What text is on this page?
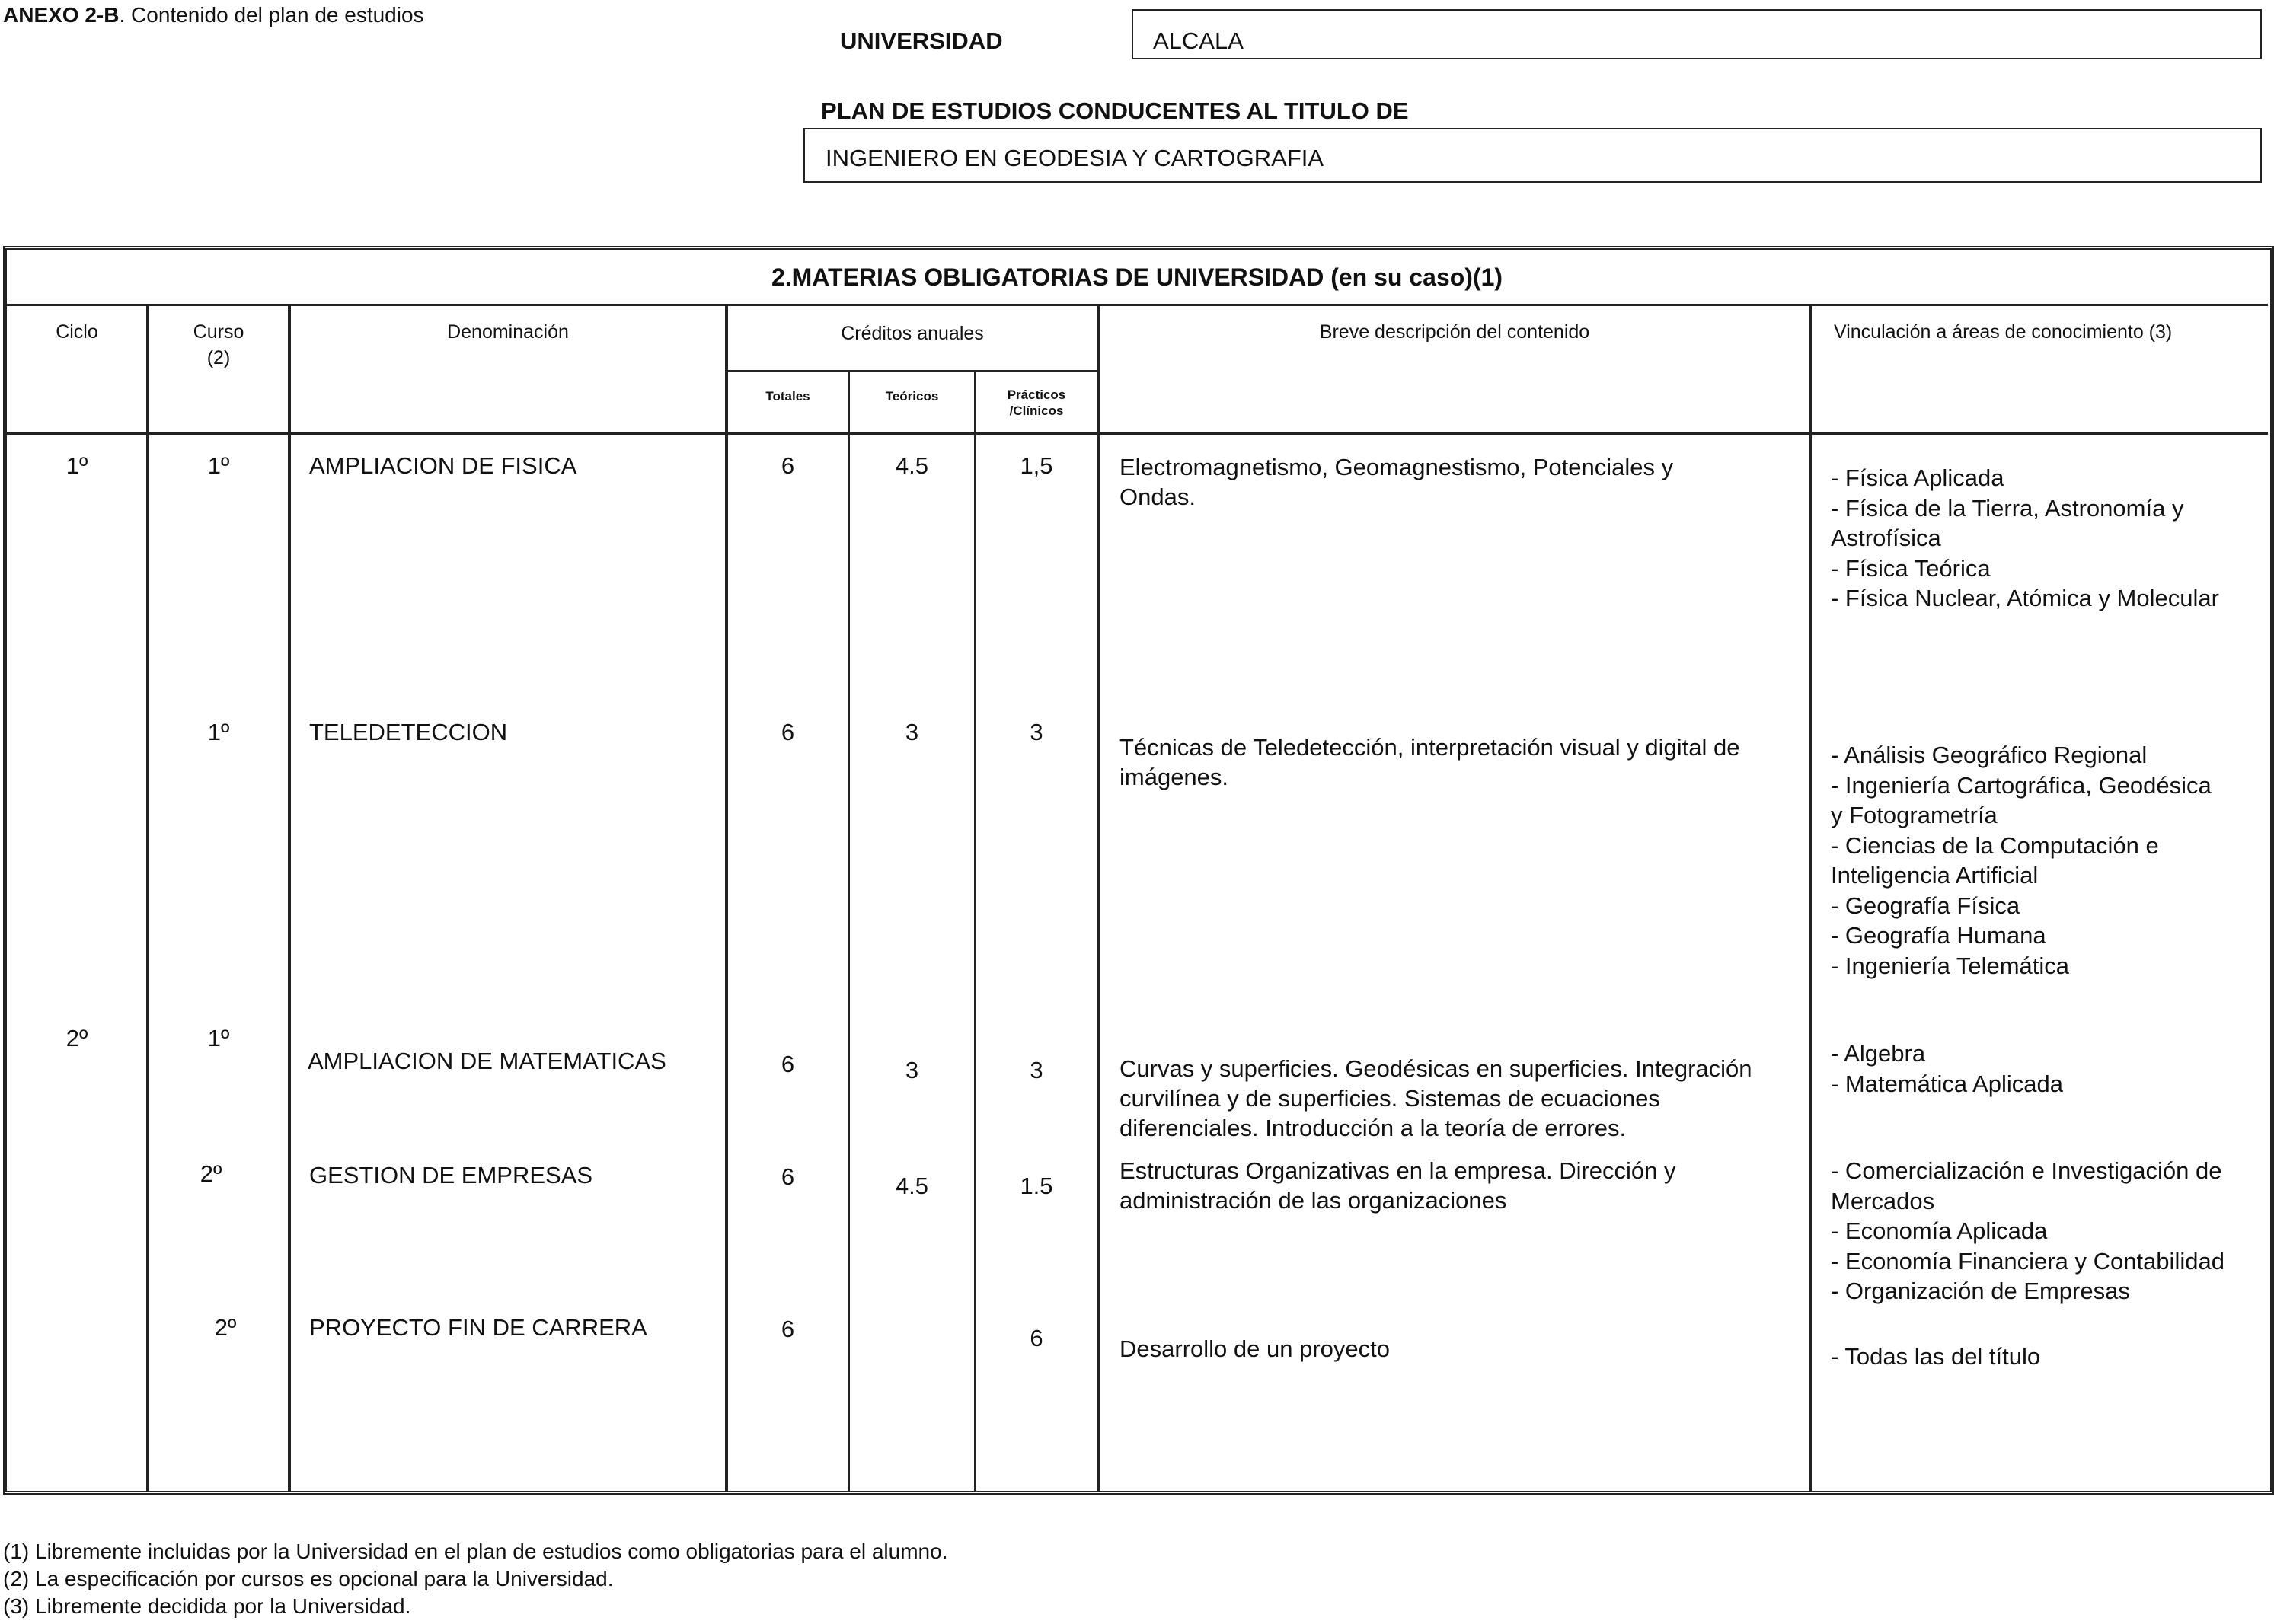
ANEXO 2-B. Contenido del plan de estudios
UNIVERSIDAD	ALCALA
PLAN DE ESTUDIOS CONDUCENTES AL TITULO DE
INGENIERO EN GEODESIA Y CARTOGRAFIA
2.MATERIAS OBLIGATORIAS DE UNIVERSIDAD (en su caso)(1)
Ciclo	Curso
(2)
Denominación	Créditos anuales
Totales	Teóricos	Prácticos
/Clínicos
Breve descripción del contenido	Vinculación a áreas de conocimiento (3)
1º	1º	AMPLIACION DE FISICA	6	4.5	1,5	Electromagnetismo, Geomagnestismo, Potenciales y
Ondas.
- Física Aplicada
- Física de la Tierra, Astronomía y
Astrofísica
- Física Teórica
- Física Nuclear, Atómica y Molecular
1º	TELEDETECCION	6	3	3
Técnicas de Teledetección, interpretación visual y digital de
imágenes.
- Análisis Geográfico Regional
- Ingeniería Cartográfica, Geodésica
y Fotogrametría
- Ciencias de la Computación e
Inteligencia Artificial
- Geografía Física
- Geografía Humana
- Ingeniería Telemática
2º	1º
AMPLIACION DE MATEMATICAS	6	3	3	Curvas y superficies. Geodésicas en superficies. Integración
curvilínea y de superficies. Sistemas de ecuaciones
diferenciales. Introducción a la teoría de errores.
- Algebra
- Matemática Aplicada
2º	GESTION DE EMPRESAS	6	4.5	1.5
Estructuras Organizativas en la empresa. Dirección y
administración de las organizaciones
- Comercialización e Investigación de
Mercados
- Economía Aplicada
- Economía Financiera y Contabilidad
- Organización de Empresas
2º	PROYECTO FIN DE CARRERA	6	6	Desarrollo de un proyecto	- Todas las del título
(1) Libremente incluidas por la Universidad en el plan de estudios como obligatorias para el alumno.
(2) La especificación por cursos es opcional para la Universidad.
(3) Libremente decidida por la Universidad.
